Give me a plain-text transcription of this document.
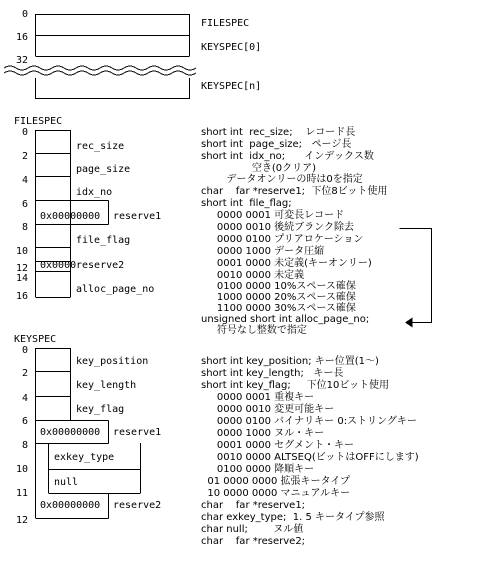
0
16
32
FILESPEC
KEYSPEC[0]
KEYSPEC[n]
FILESPEC
0
2
4
6
8
10
12
14
16
rec_size
page_size
idx_no
0x00000000 reserve1
file_flag
0x0000 reserve2
alloc_page_no
short int  rec_size;    レコード長
short int  page_size;   ページ長
short int  idx_no;      インデックス数
空き(0クリア)
データオンリーの時は0を指定
char    far *reserve1;  下位8ビット使用
short int  file_flag;
0000 0001 可変長レコード
0000 0010 後続ブランク除去
0000 0100 プリアロケーション
0000 1000 データ圧縮
0001 0000 未定義(キーオンリー)
0010 0000 未定義
0100 0000 10%スペース確保
1000 0000 20%スペース確保
1100 0000 30%スペース確保
unsigned short int alloc_page_no;
符号なし整数で指定
KEYSPEC
0
2
4
6
8
10
11
12
key_position
key_length
key_flag
0x00000000 reserve1
exkey_type
null
0x00000000 reserve2
short int key_position; キー位置(1～)
short int key_length;   キー長
short int key_flag;     下位10ビット使用
0000 0001 重複キー
0000 0010 変更可能キー
0000 0100 バイナリキー 0:ストリングキー
0000 1000 ヌル・キー
0001 0000 セグメント・キー
0010 0000 ALTSEQ(ビットはOFFにします)
0100 0000 降順キー
01 0000 0000 拡張キータイプ
10 0000 0000 マニュアルキー
char    far *reserve1;
char exkey_type;  1. 5 キータイプ参照
char null;        ヌル値
char    far *reserve2;
